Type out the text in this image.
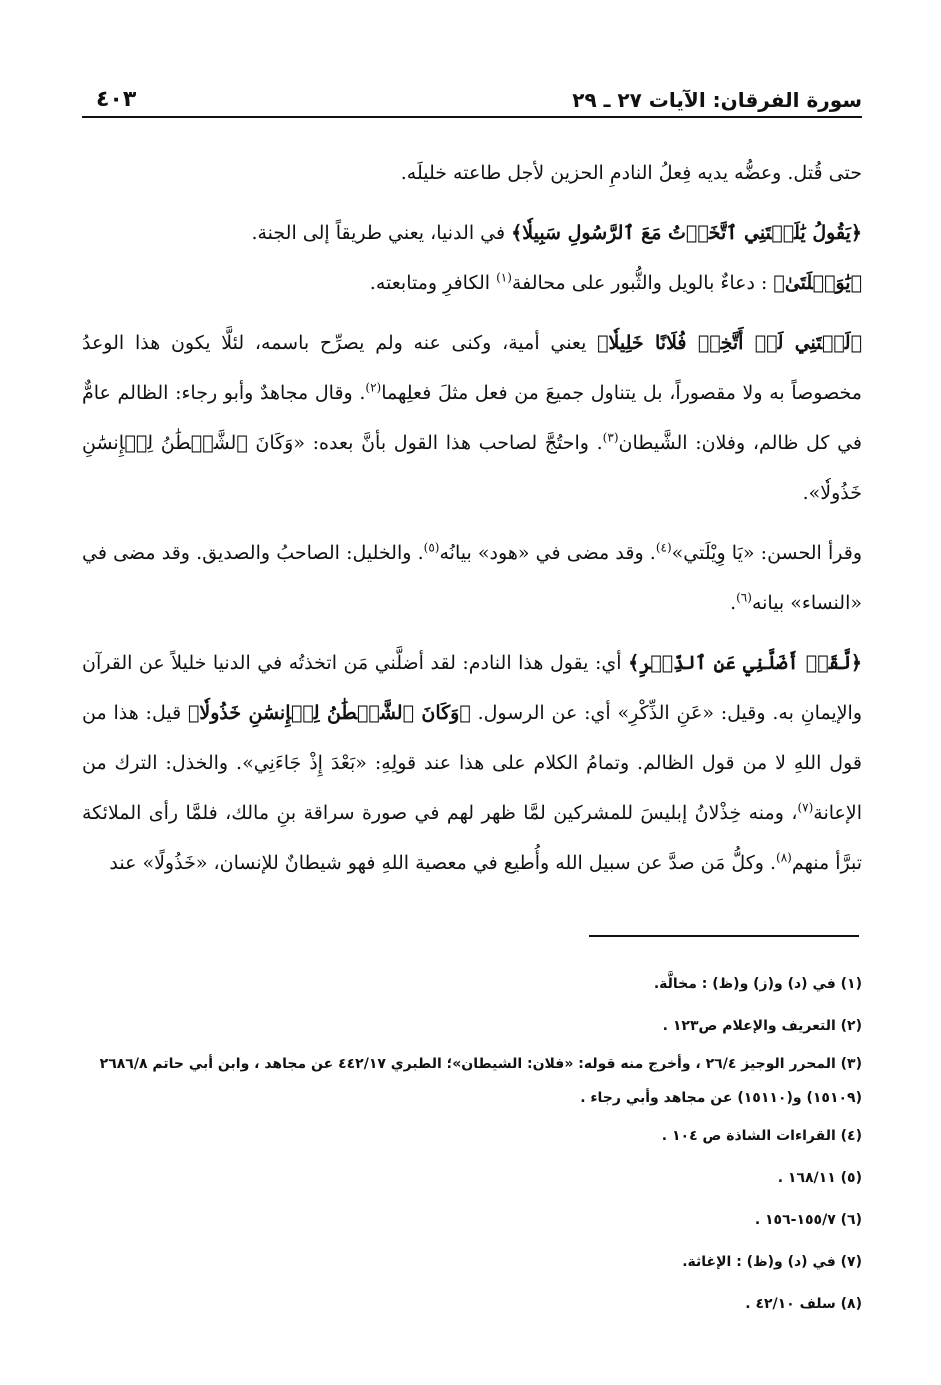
سورة الفرقان: الآيات ٢٧ ـ ٢٩
٤٠٣

حتى قُتل. وعضُّه يديه فِعلُ النادمِ الحزين لأجل طاعته خليلَه.

﴿يَقُولُ يَٰلَيۡتَنِي ٱتَّخَذۡتُ مَعَ ٱلرَّسُولِ سَبِيلٗا﴾ في الدنيا، يعني طريقاً إلى الجنة.
﴿يَٰوَيۡلَتَىٰ﴾ : دعاءٌ بالويل والثُّبور على محالفة$^{(١)}$ الكافرِ ومتابعته.

﴿لَيۡتَنِي لَمۡ أَتَّخِذۡ فُلَانًا خَلِيلٗا﴾ يعني أمية، وكنى عنه ولم يصرِّح باسمه، لئلَّا يكون هذا الوعدُ مخصوصاً به ولا مقصوراً، بل يتناول جميعَ من فعل مثلَ فعلِهما$^{(٢)}$. وقال مجاهدٌ وأبو رجاء: الظالم عامٌّ في كل ظالم، وفلان: الشَّيطان$^{(٣)}$. واحتُجَّ لصاحب هذا القول بأنَّ بعده: «وَكَانَ ٱلشَّيۡطَٰنُ لِلۡإِنسَٰنِ خَذُولٗا».

وقرأ الحسن: «يَا وِيْلَتي»$^{(٤)}$. وقد مضى في «هود» بيانُه$^{(٥)}$. والخليل: الصاحبُ والصديق. وقد مضى في «النساء» بيانه$^{(٦)}$.

﴿لَّقَدۡ أَضَلَّنِي عَنِ ٱلذِّكۡرِ﴾ أي: يقول هذا النادم: لقد أضلَّني مَن اتخذتُه في الدنيا خليلاً عن القرآن والإيمانِ به. وقيل: «عَنِ الذِّكْرِ» أي: عن الرسول. ﴿وَكَانَ ٱلشَّيۡطَٰنُ لِلۡإِنسَٰنِ خَذُولٗا﴾ قيل: هذا من قول اللهِ لا من قول الظالم. وتمامُ الكلام على هذا عند قولِهِ: «بَعْدَ إِذْ جَاءَنِي». والخذل: الترك من الإعانة$^{(٧)}$، ومنه خِذْلانُ إبليسَ للمشركين لمَّا ظهر لهم في صورة سراقة بنِ مالك، فلمَّا رأى الملائكة تبرَّأ منهم$^{(٨)}$. وكلُّ مَن صدَّ عن سبيل الله وأُطيع في معصية اللهِ فهو شيطانٌ للإنسان، «خَذُولًا» عند

(١) في (د) و(ز) و(ظ) : مخالَّة.

(٢) التعريف والإعلام ص١٢٣ .

(٣) المحرر الوجيز ٢٦/٤ ، وأخرج منه قوله: «فلان: الشيطان»؛ الطبري ٤٤٢/١٧ عن مجاهد ، وابن أبي حاتم ٢٦٨٦/٨ (١٥١٠٩) و(١٥١١٠) عن مجاهد وأبي رجاء .

(٤) القراءات الشاذة ص ١٠٤ .

(٥) ١٦٨/١١ .

(٦) ١٥٥/٧-١٥٦ .

(٧) في (د) و(ظ) : الإغاثة.

(٨) سلف ٤٢/١٠ .
